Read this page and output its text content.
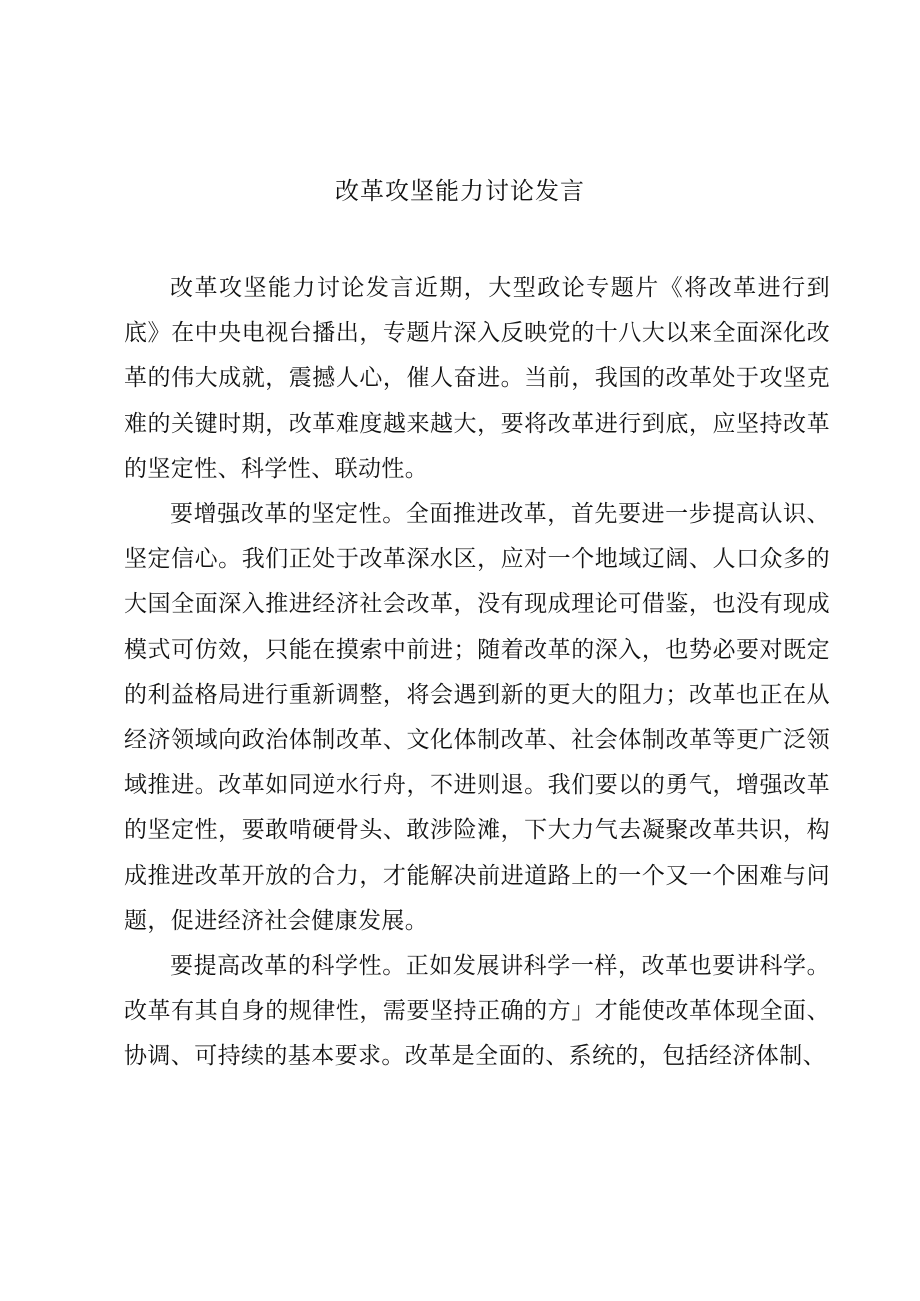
改革攻坚能力讨论发言

改革攻坚能力讨论发言近期，大型政论专题片《将改革进行到底》在中央电视台播出，专题片深入反映党的十八大以来全面深化改革的伟大成就，震撼人心，催人奋进。当前，我国的改革处于攻坚克难的关键时期，改革难度越来越大，要将改革进行到底，应坚持改革的坚定性、科学性、联动性。

要增强改革的坚定性。全面推进改革，首先要进一步提高认识、坚定信心。我们正处于改革深水区，应对一个地域辽阔、人口众多的大国全面深入推进经济社会改革，没有现成理论可借鉴，也没有现成模式可仿效，只能在摸索中前进；随着改革的深入，也势必要对既定的利益格局进行重新调整，将会遇到新的更大的阻力；改革也正在从经济领域向政治体制改革、文化体制改革、社会体制改革等更广泛领域推进。改革如同逆水行舟，不进则退。我们要以的勇气，增强改革的坚定性，要敢啃硬骨头、敢涉险滩，下大力气去凝聚改革共识，构成推进改革开放的合力，才能解决前进道路上的一个又一个困难与问题，促进经济社会健康发展。

要提高改革的科学性。正如发展讲科学一样，改革也要讲科学。改革有其自身的规律性，需要坚持正确的方」才能使改革体现全面、协调、可持续的基本要求。改革是全面的、系统的，包括经济体制、
